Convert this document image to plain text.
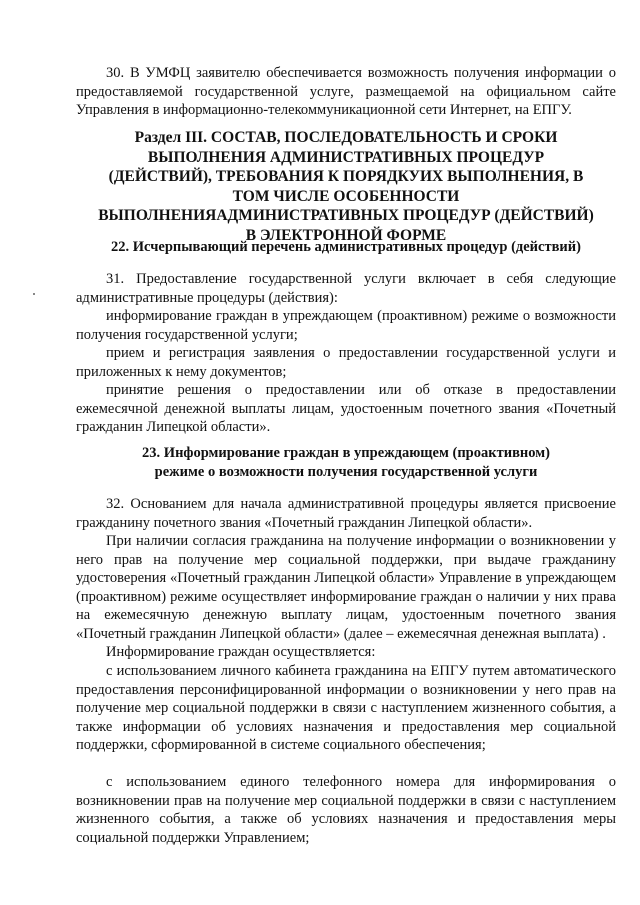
30. В УМФЦ заявителю обеспечивается возможность получения информации о предоставляемой государственной услуге, размещаемой на официальном сайте Управления в информационно-телекоммуникационной сети Интернет, на ЕПГУ.

Раздел III. СОСТАВ, ПОСЛЕДОВАТЕЛЬНОСТЬ И СРОКИ ВЫПОЛНЕНИЯ АДМИНИСТРАТИВНЫХ ПРОЦЕДУР (ДЕЙСТВИЙ), ТРЕБОВАНИЯ К ПОРЯДКУИХ ВЫПОЛНЕНИЯ, В ТОМ ЧИСЛЕ ОСОБЕННОСТИ ВЫПОЛНЕНИЯАДМИНИСТРАТИВНЫХ ПРОЦЕДУР (ДЕЙСТВИЙ) В ЭЛЕКТРОННОЙ ФОРМЕ

22. Исчерпывающий перечень административных процедур (действий)

31. Предоставление государственной услуги включает в себя следующие административные процедуры (действия):

информирование граждан в упреждающем (проактивном) режиме о возможности получения государственной услуги;

прием и регистрация заявления о предоставлении государственной услуги и приложенных к нему документов;

принятие решения о предоставлении или об отказе в предоставлении ежемесячной денежной выплаты лицам, удостоенным почетного звания «Почетный гражданин Липецкой области».

23. Информирование граждан в упреждающем (проактивном)

режиме о возможности получения государственной услуги

32. Основанием для начала административной процедуры является присвоение гражданину почетного звания «Почетный гражданин Липецкой области».

При наличии согласия гражданина на получение информации о возникновении у него прав на получение мер социальной поддержки, при выдаче гражданину удостоверения «Почетный гражданин Липецкой области» Управление в упреждающем (проактивном) режиме осуществляет информирование граждан о наличии у них права на ежемесячную денежную выплату лицам, удостоенным почетного звания «Почетный гражданин Липецкой области» (далее – ежемесячная денежная выплата) .

Информирование граждан осуществляется:

с использованием личного кабинета гражданина на ЕПГУ путем автоматического предоставления персонифицированной информации о возникновении у него прав на получение мер социальной поддержки в связи с наступлением жизненного события, а также информации об условиях назначения и предоставления мер социальной поддержки, сформированной в системе социального обеспечения;

с использованием единого телефонного номера для информирования о возникновении прав на получение мер социальной поддержки в связи с наступлением жизненного события, а также об условиях назначения и предоставления меры социальной поддержки Управлением;
